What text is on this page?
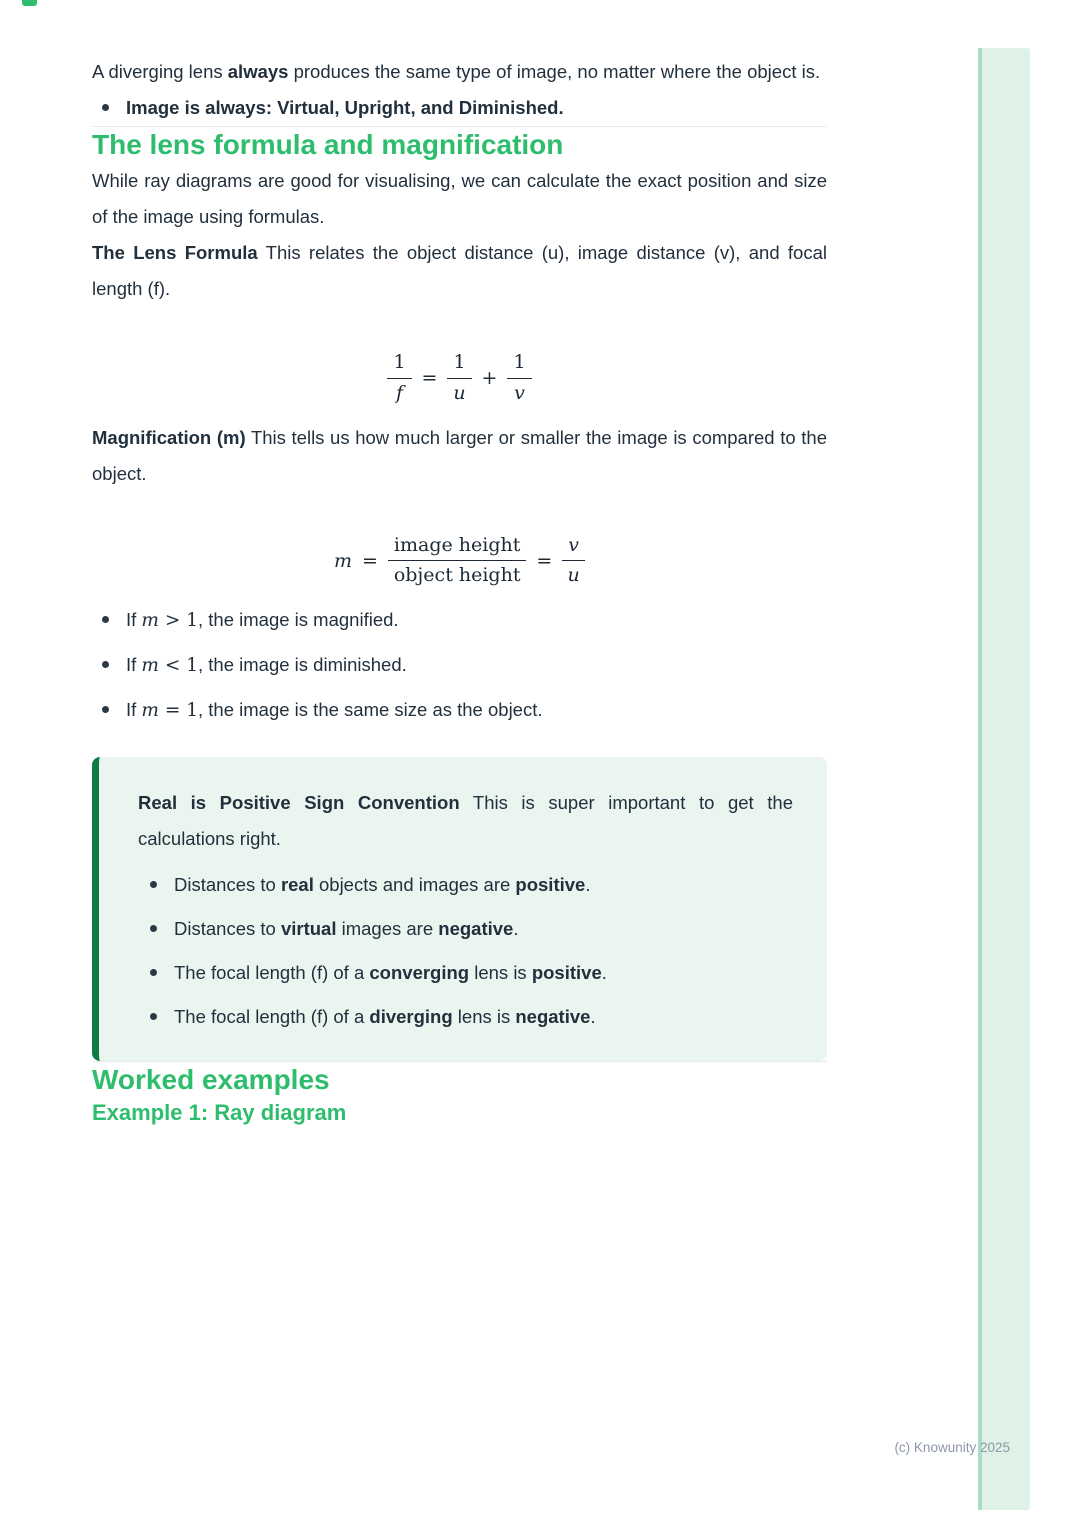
A diverging lens always produces the same type of image, no matter where the object is.

Image is always: Virtual, Upright, and Diminished.
The lens formula and magnification

While ray diagrams are good for visualising, we can calculate the exact position and size of the image using formulas.

The Lens Formula This relates the object distance (u), image distance (v), and focal length (f).

$\frac{1}{f} = \frac{1}{u} + \frac{1}{v}$

Magnification (m) This tells us how much larger or smaller the image is compared to the object.

$m = \frac{\text{image height}}{\text{object height}} = \frac{v}{u}$
If m > 1, the image is magnified.
If m < 1, the image is diminished.
If m = 1, the image is the same size as the object.

Real is Positive Sign Convention This is super important to get the calculations right.

Distances to real objects and images are positive.
Distances to virtual images are negative.
The focal length (f) of a converging lens is positive.
The focal length (f) of a diverging lens is negative.
Worked examples
Example 1: Ray diagram
(c) Knowunity 2025
